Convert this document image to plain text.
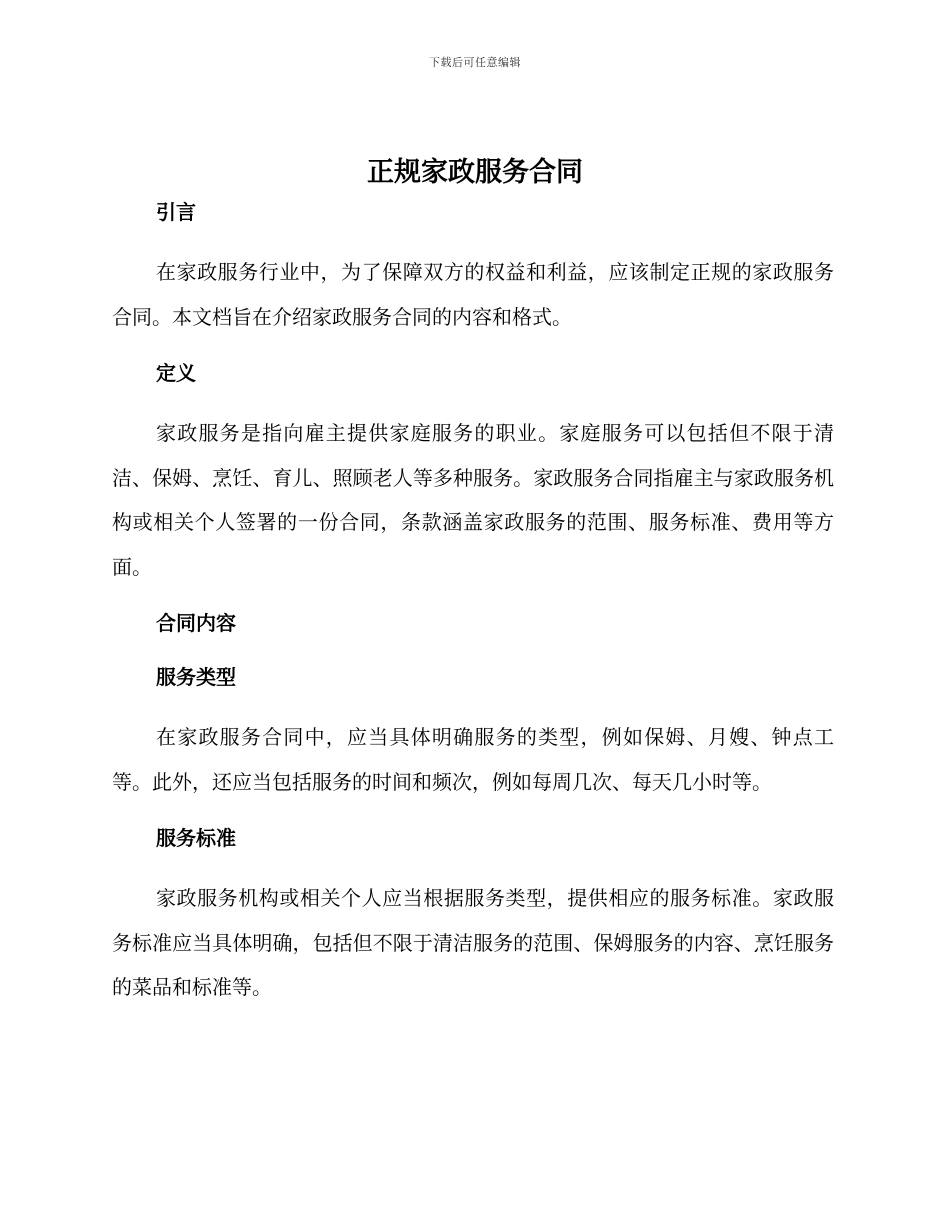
下载后可任意编辑
正规家政服务合同
引言

在家政服务行业中，为了保障双方的权益和利益，应该制定正规的家政服务合同。本文档旨在介绍家政服务合同的内容和格式。

定义

家政服务是指向雇主提供家庭服务的职业。家庭服务可以包括但不限于清洁、保姆、烹饪、育儿、照顾老人等多种服务。家政服务合同指雇主与家政服务机构或相关个人签署的一份合同，条款涵盖家政服务的范围、服务标准、费用等方面。

合同内容
服务类型

在家政服务合同中，应当具体明确服务的类型，例如保姆、月嫂、钟点工等。此外，还应当包括服务的时间和频次，例如每周几次、每天几小时等。

服务标准

家政服务机构或相关个人应当根据服务类型，提供相应的服务标准。家政服务标准应当具体明确，包括但不限于清洁服务的范围、保姆服务的内容、烹饪服务的菜品和标准等。
